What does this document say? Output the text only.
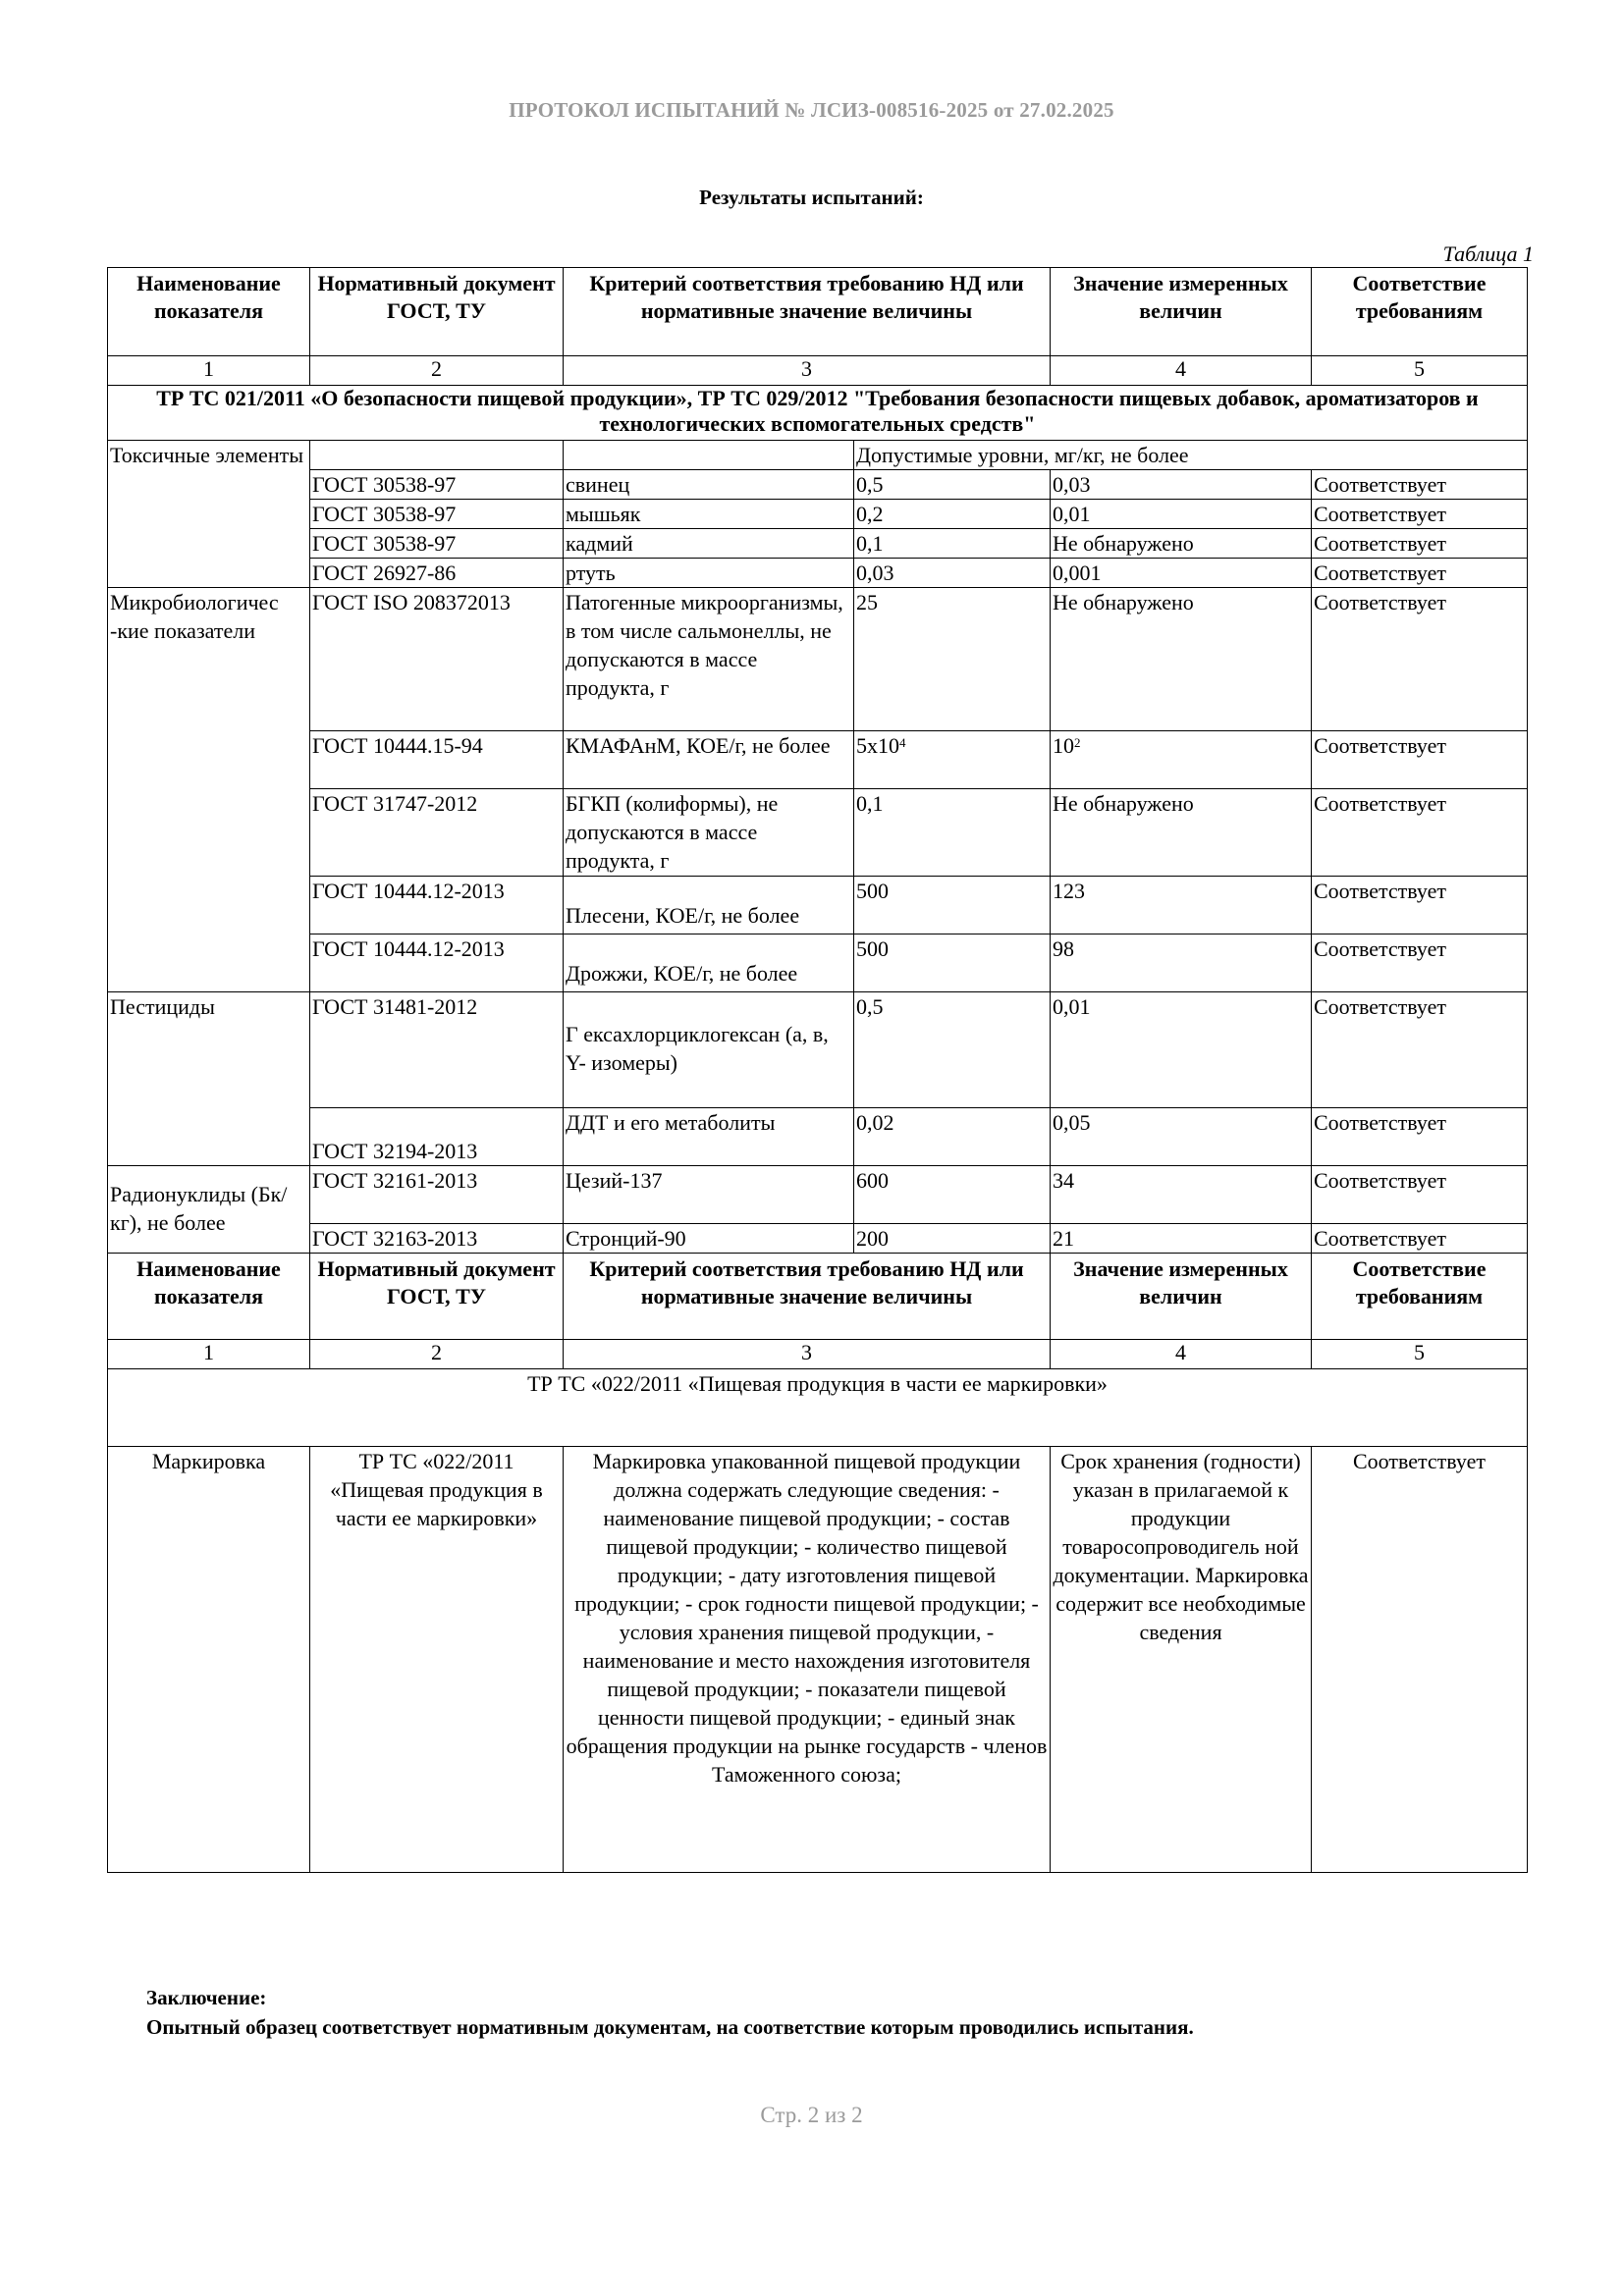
ПРОТОКОЛ ИСПЫТАНИЙ № ЛСИЗ-008516-2025 от 27.02.2025
Результаты испытаний:
Таблица 1
Наименование показателя	Нормативный документ ГОСТ, ТУ	Критерий соответствия требованию НД или нормативные значение величины		Значение измеренных величин	Соответствие требованиям
1	2	3		4	5
ТР ТС 021/2011 «О безопасности пищевой продукции», ТР ТС 029/2012 "Требования безопасности пищевых добавок, ароматизаторов и технологических вспомогательных средств"					
Токсичные элементы			Допустимые уровни, мг/кг, не более		
	ГОСТ 30538-97	свинец	0,5	0,03	Соответствует
	ГОСТ 30538-97	мышьяк	0,2	0,01	Соответствует
	ГОСТ 30538-97	кадмий	0,1	Не обнаружено	Соответствует
	ГОСТ 26927-86	ртуть	0,03	0,001	Соответствует
Микробиологичес -кие показатели	ГОСТ ISO 208372013	Патогенные микроорганизмы, в том числе сальмонеллы, не допускаются в массе продукта, г	25	Не обнаружено	Соответствует
	ГОСТ 10444.15-94	КМАФАнМ, КОЕ/г, не более	$5х10^4$	$10^2$	Соответствует
	ГОСТ 31747-2012	БГКП (колиформы), не допускаются в массе продукта, г	0,1	Не обнаружено	Соответствует
	ГОСТ 10444.12-2013	Плесени, КОЕ/г, не более	500	123	Соответствует
	ГОСТ 10444.12-2013	Дрожжи, КОЕ/г, не более	500	98	Соответствует
Пестициды	ГОСТ 31481-2012	Г ексахлорциклогексан (а, в, Y- изомеры)	0,5	0,01	Соответствует
	ГОСТ 32194-2013	ДДТ и его метаболиты	0,02	0,05	Соответствует
Радионуклиды (Бк/кг), не более	ГОСТ 32161-2013	Цезий-137	600	34	Соответствует
	ГОСТ 32163-2013	Стронций-90	200	21	Соответствует
Наименование показателя	Нормативный документ ГОСТ, ТУ	Критерий соответствия требованию НД или нормативные значение величины		Значение измеренных величин	Соответствие требованиям
1	2	3		4	5
ТР ТС «022/2011 «Пищевая продукция в части ее маркировки»					
Маркировка	ТР ТС «022/2011 «Пищевая продукция в части ее маркировки»	Маркировка упакованной пищевой продукции должна содержать следующие сведения: - наименование пищевой продукции; - состав пищевой продукции; - количество пищевой продукции; - дату изготовления пищевой продукции; - срок годности пищевой продукции; - условия хранения пищевой продукции, - наименование и место нахождения изготовителя пищевой продукции; - показатели пищевой ценности пищевой продукции; - единый знак обращения продукции на рынке государств - членов Таможенного союза;		Срок хранения (годности) указан в прилагаемой к продукции товаросопроводигель ной документации. Маркировка содержит все необходимые сведения	Соответствует
Заключение:
Опытный образец соответствует нормативным документам, на соответствие которым проводились испытания.
Стр. 2 из 2
